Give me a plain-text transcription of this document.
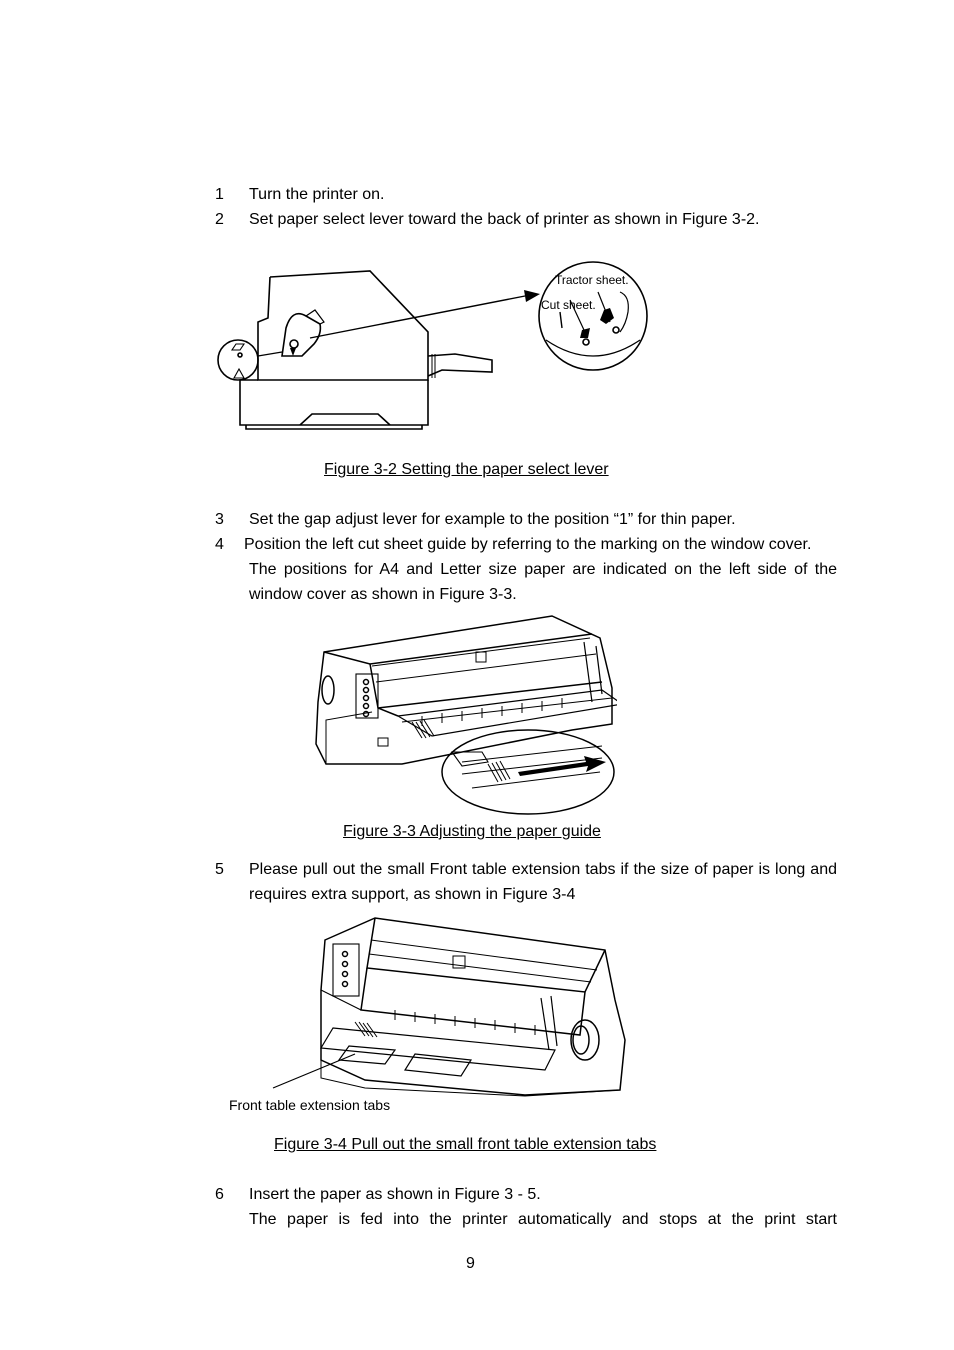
1 Turn the printer on.
2 Set paper select lever toward the back of printer as shown in Figure 3-2.
Tractor sheet.
Cut sheet.
Figure 3-2 Setting the paper select lever
3 Set the gap adjust lever for example to the position “1” for thin paper.
4 Position the left cut sheet guide by referring to the marking on the window cover.
The positions for A4 and Letter size paper are indicated on the left side of the window cover as shown in Figure 3-3.
Figure 3-3 Adjusting the paper guide
5 Please pull out the small Front table extension tabs if the size of paper is long and requires extra support, as shown in Figure 3-4
Front table extension tabs
Figure 3-4 Pull out the small front table extension tabs
6 Insert the paper as shown in Figure 3 - 5.
The paper is fed into the printer automatically and stops at the print start
9
